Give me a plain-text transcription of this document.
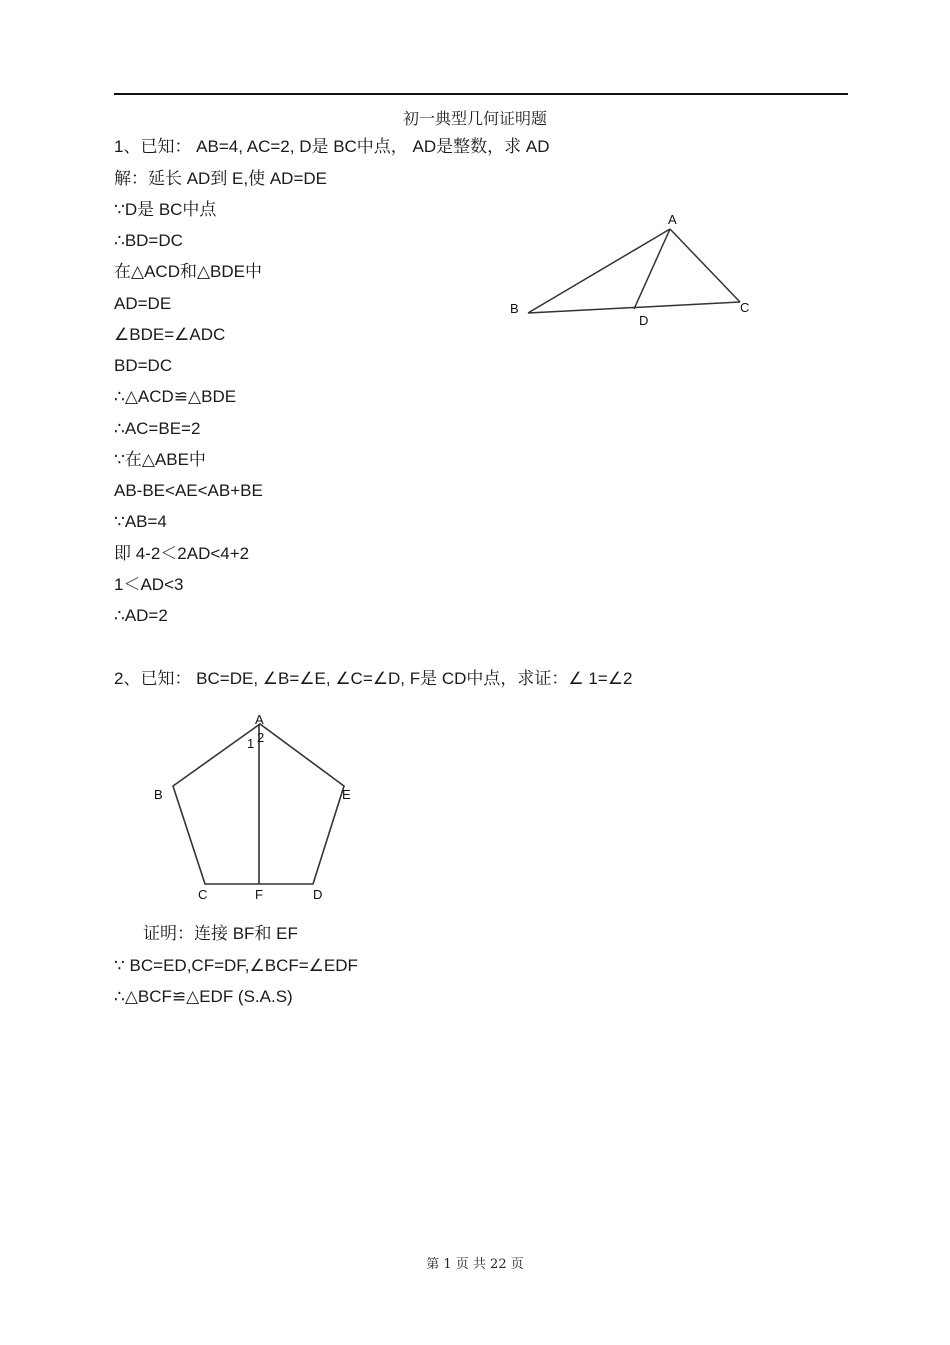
初一典型几何证明题
1、已知： AB=4, AC=2, D是 BC中点， AD是整数，求 AD
解：延长 AD到 E,使 AD=DE
∵D是 BC中点
∴BD=DC
在△ACD和△BDE中
AD=DE
∠BDE=∠ADC
BD=DC
∴△ACD≌△BDE
∴AC=BE=2
∵在△ABE中
AB-BE<AE<AB+BE
∵AB=4
即 4-2＜2AD<4+2
1＜AD<3
∴AD=2
A
B	C
D
2、已知： BC=DE, ∠B=∠E, ∠C=∠D, F是 CD中点，求证：∠ 1=∠2
A
1 2
B	E
C	F	D
证明：连接 BF和 EF
∵ BC=ED,CF=DF,∠BCF=∠EDF
∴△BCF≌△EDF (S.A.S)
第 1 页 共 22 页
